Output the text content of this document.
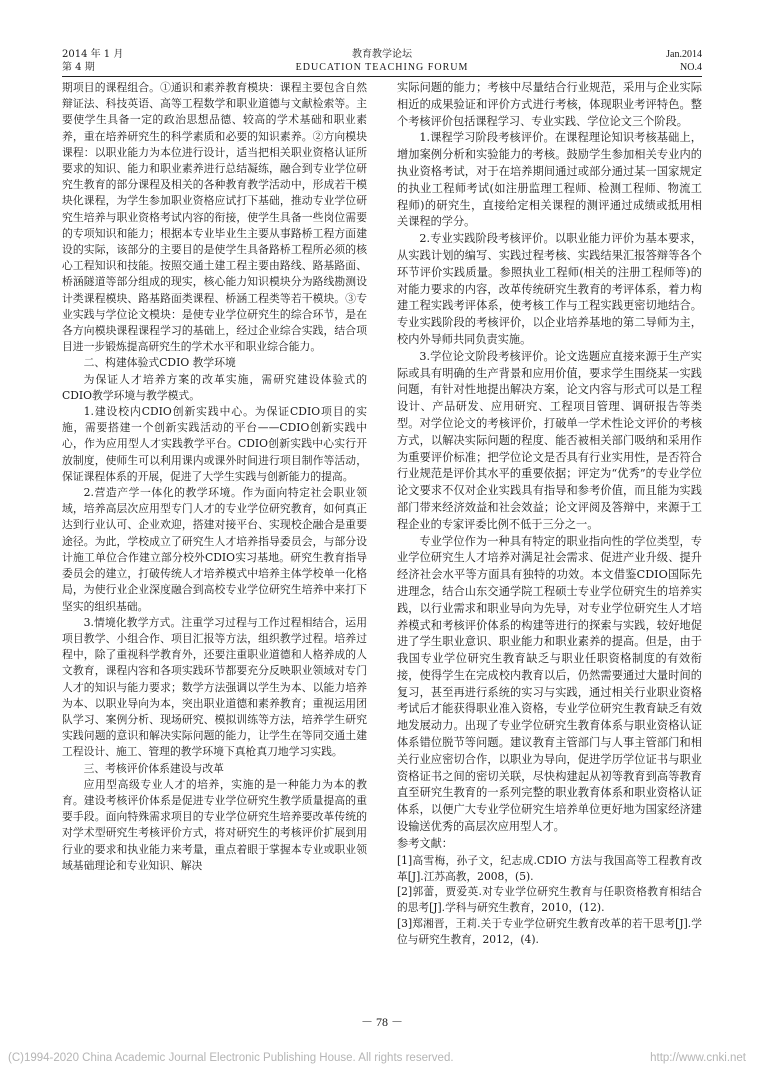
2014 年 1 月
第 4 期
教育教学论坛
EDUCATION TEACHING FORUM
Jan.2014
NO.4

期项目的课程组合。①通识和素养教育模块：课程主要包含自然辩证法、科技英语、高等工程数学和职业道德与文献检索等。主要使学生具备一定的政治思想品德、较高的学术基础和职业素养，重在培养研究生的科学素质和必要的知识素养。②方向模块课程：以职业能力为本位进行设计，适当把相关职业资格认证所要求的知识、能力和职业素养进行总结凝练，融合到专业学位研究生教育的部分课程及相关的各种教育教学活动中，形成若干模块化课程，为学生参加职业资格应试打下基础，推动专业学位研究生培养与职业资格考试内容的衔接，使学生具备一些岗位需要的专项知识和能力；根据本专业毕业生主要从事路桥工程方面建设的实际，该部分的主要目的是使学生具备路桥工程所必须的核心工程知识和技能。按照交通土建工程主要由路线、路基路面、桥涵隧道等部分组成的现实，核心能力知识模块分为路线勘测设计类课程模块、路基路面类课程、桥涵工程类等若干模块。③专业实践与学位论文模块：是使专业学位研究生的综合环节，是在各方向模块课程课程学习的基础上，经过企业综合实践，结合项目进一步锻炼提高研究生的学术水平和职业综合能力。

二、构建体验式CDIO 教学环境

为保证人才培养方案的改革实施，需研究建设体验式的CDIO教学环境与教学模式。

1.建设校内CDIO创新实践中心。为保证CDIO项目的实施，需要搭建一个创新实践活动的平台——CDIO创新实践中心，作为应用型人才实践教学平台。CDIO创新实践中心实行开放制度，使师生可以利用课内或课外时间进行项目制作等活动，保证课程体系的开展，促进了大学生实践与创新能力的提高。

2.营造产学一体化的教学环境。作为面向特定社会职业领域，培养高层次应用型专门人才的专业学位研究教育，如何真正达到行业认可、企业欢迎，搭建对接平台、实现校企融合是重要途径。为此，学校成立了研究生人才培养指导委员会，与部分设计施工单位合作建立部分校外CDIO实习基地。研究生教育指导委员会的建立，打破传统人才培养模式中培养主体学校单一化格局，为使行业企业深度融合到高校专业学位研究生培养中来打下坚实的组织基础。

3.情境化教学方式。注重学习过程与工作过程相结合，运用项目教学、小组合作、项目汇报等方法，组织教学过程。培养过程中，除了重视科学教育外，还要注重职业道德和人格养成的人文教育，课程内容和各项实践环节都要充分反映职业领域对专门人才的知识与能力要求；数学方法强调以学生为本、以能力培养为本、以职业导向为本，突出职业道德和素养教育；重视运用团队学习、案例分析、现场研究、模拟训练等方法，培养学生研究实践问题的意识和解决实际问题的能力，让学生在等同交通土建工程设计、施工、管理的教学环境下真枪真刀地学习实践。

三、考核评价体系建设与改革

应用型高级专业人才的培养，实施的是一种能力为本的教育。建设考核评价体系是促进专业学位研究生教学质量提高的重要手段。面向特殊需求项目的专业学位研究生培养要改革传统的对学术型研究生考核评价方式，将对研究生的考核评价扩展到用行业的要求和执业能力来考量，重点着眼于掌握本专业或职业领域基础理论和专业知识、解决

实际问题的能力；考核中尽量结合行业规范，采用与企业实际相近的成果验证和评价方式进行考核，体现职业考评特色。整个考核评价包括课程学习、专业实践、学位论文三个阶段。

1.课程学习阶段考核评价。在课程理论知识考核基础上，增加案例分析和实验能力的考核。鼓励学生参加相关专业内的执业资格考试，对于在培养期间通过或部分通过某一国家规定的执业工程师考试(如注册监理工程师、检测工程师、物流工程师)的研究生，直接给定相关课程的测评通过成绩或抵用相关课程的学分。

2.专业实践阶段考核评价。以职业能力评价为基本要求，从实践计划的编写、实践过程考核、实践结果汇报答辩等各个环节评价实践质量。参照执业工程师(相关的注册工程师等)的对能力要求的内容，改革传统研究生教育的考评体系，着力构建工程实践考评体系，使考核工作与工程实践更密切地结合。专业实践阶段的考核评价，以企业培养基地的第二导师为主，校内外导师共同负责实施。

3.学位论文阶段考核评价。论文选题应直接来源于生产实际或具有明确的生产背景和应用价值，要求学生围绕某一实践问题，有针对性地提出解决方案，论文内容与形式可以是工程设计、产品研发、应用研究、工程项目管理、调研报告等类型。对学位论文的考核评价，打破单一学术性论文评价的考核方式，以解决实际问题的程度、能否被相关部门吸纳和采用作为重要评价标准；把学位论文是否具有行业实用性，是否符合行业规范是评价其水平的重要依据；评定为“优秀”的专业学位论文要求不仅对企业实践具有指导和参考价值，而且能为实践部门带来经济效益和社会效益；论文评阅及答辩中，来源于工程企业的专家评委比例不低于三分之一。

专业学位作为一种具有特定的职业指向性的学位类型，专业学位研究生人才培养对满足社会需求、促进产业升级、提升经济社会水平等方面具有独特的功效。本文借鉴CDIO国际先进理念，结合山东交通学院工程硕士专业学位研究生的培养实践，以行业需求和职业导向为先导，对专业学位研究生人才培养模式和考核评价体系的构建等进行的探索与实践，较好地促进了学生职业意识、职业能力和职业素养的提高。但是，由于我国专业学位研究生教育缺乏与职业任职资格制度的有效衔接，使得学生在完成校内教育以后，仍然需要通过大量时间的复习，甚至再进行系统的实习与实践，通过相关行业职业资格考试后才能获得职业准入资格，专业学位研究生教育缺乏有效地发展动力。出现了专业学位研究生教育体系与职业资格认证体系错位脱节等问题。建议教育主管部门与人事主管部门和相关行业应密切合作，以职业为导向，促进学历学位证书与职业资格证书之间的密切关联，尽快构建起从初等教育到高等教育直至研究生教育的一系列完整的职业教育体系和职业资格认证体系，以便广大专业学位研究生培养单位更好地为国家经济建设输送优秀的高层次应用型人才。

参考文献：

[1]高雪梅，孙子文，纪志成.CDIO 方法与我国高等工程教育改革[J].江苏高教，2008，(5).

[2]郭蕾，贾爱英.对专业学位研究生教育与任职资格教育相结合的思考[J].学科与研究生教育，2010，(12).

[3]郑湘晋，王莉.关于专业学位研究生教育改革的若干思考[J].学位与研究生教育，2012，(4).

－ 78 －
(C)1994-2020 China Academic Journal Electronic Publishing House. All rights reserved.	http://www.cnki.net
